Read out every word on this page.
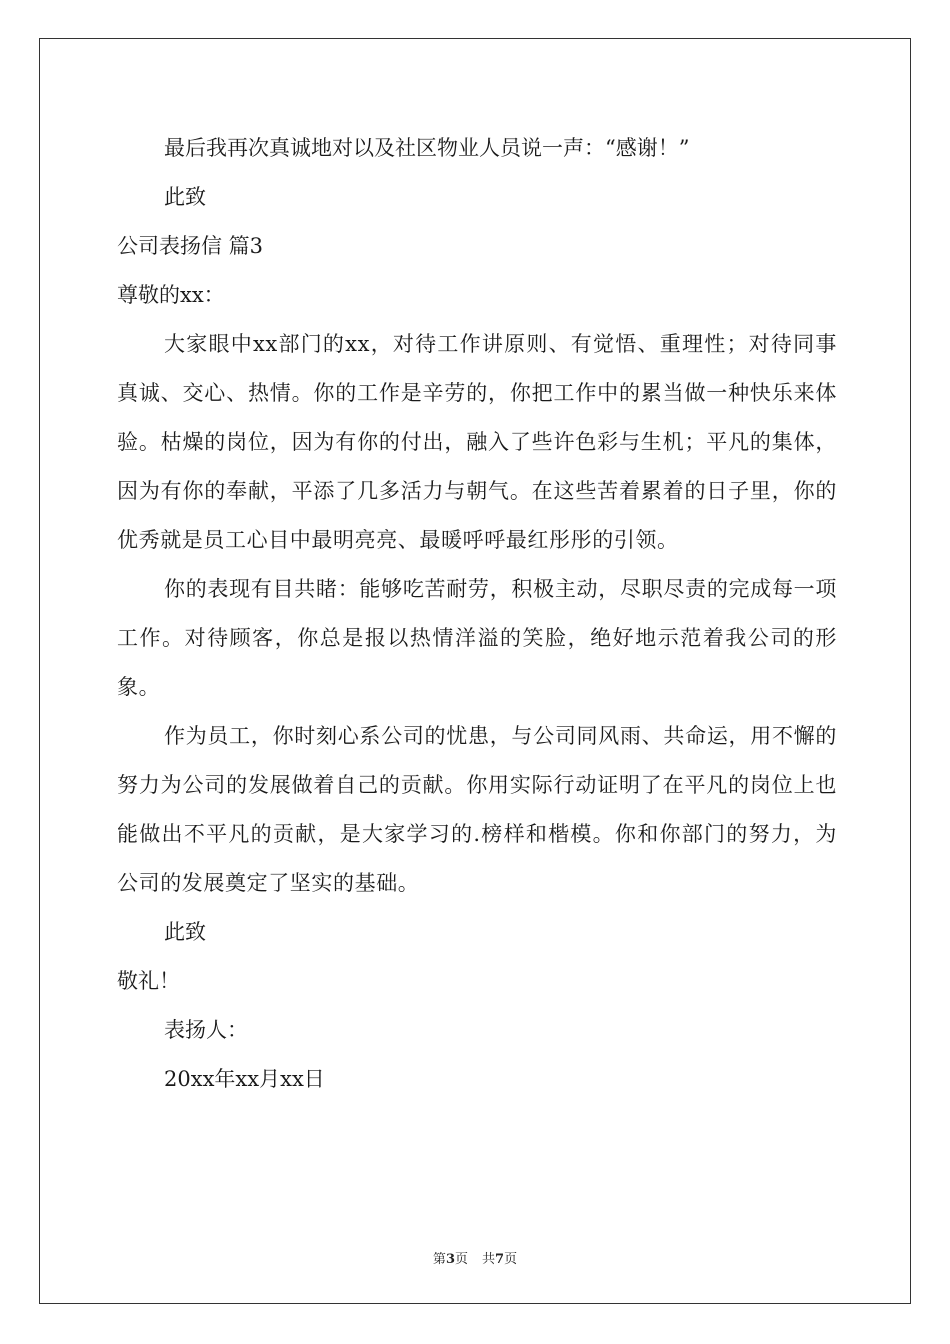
最后我再次真诚地对以及社区物业人员说一声：“感谢！”

此致

公司表扬信 篇3

尊敬的xx：

大家眼中xx部门的xx，对待工作讲原则、有觉悟、重理性；对待同事真诚、交心、热情。你的工作是辛劳的，你把工作中的累当做一种快乐来体验。枯燥的岗位，因为有你的付出，融入了些许色彩与生机；平凡的集体，因为有你的奉献，平添了几多活力与朝气。在这些苦着累着的日子里，你的优秀就是员工心目中最明亮亮、最暖呼呼最红彤彤的引领。

你的表现有目共睹：能够吃苦耐劳，积极主动，尽职尽责的完成每一项工作。对待顾客，你总是报以热情洋溢的笑脸，绝好地示范着我公司的形象。

作为员工，你时刻心系公司的忧患，与公司同风雨、共命运，用不懈的努力为公司的发展做着自己的贡献。你用实际行动证明了在平凡的岗位上也能做出不平凡的贡献，是大家学习的.榜样和楷模。你和你部门的努力，为公司的发展奠定了坚实的基础。

此致

敬礼！

表扬人：

20xx年xx月xx日

第3页 共7页
